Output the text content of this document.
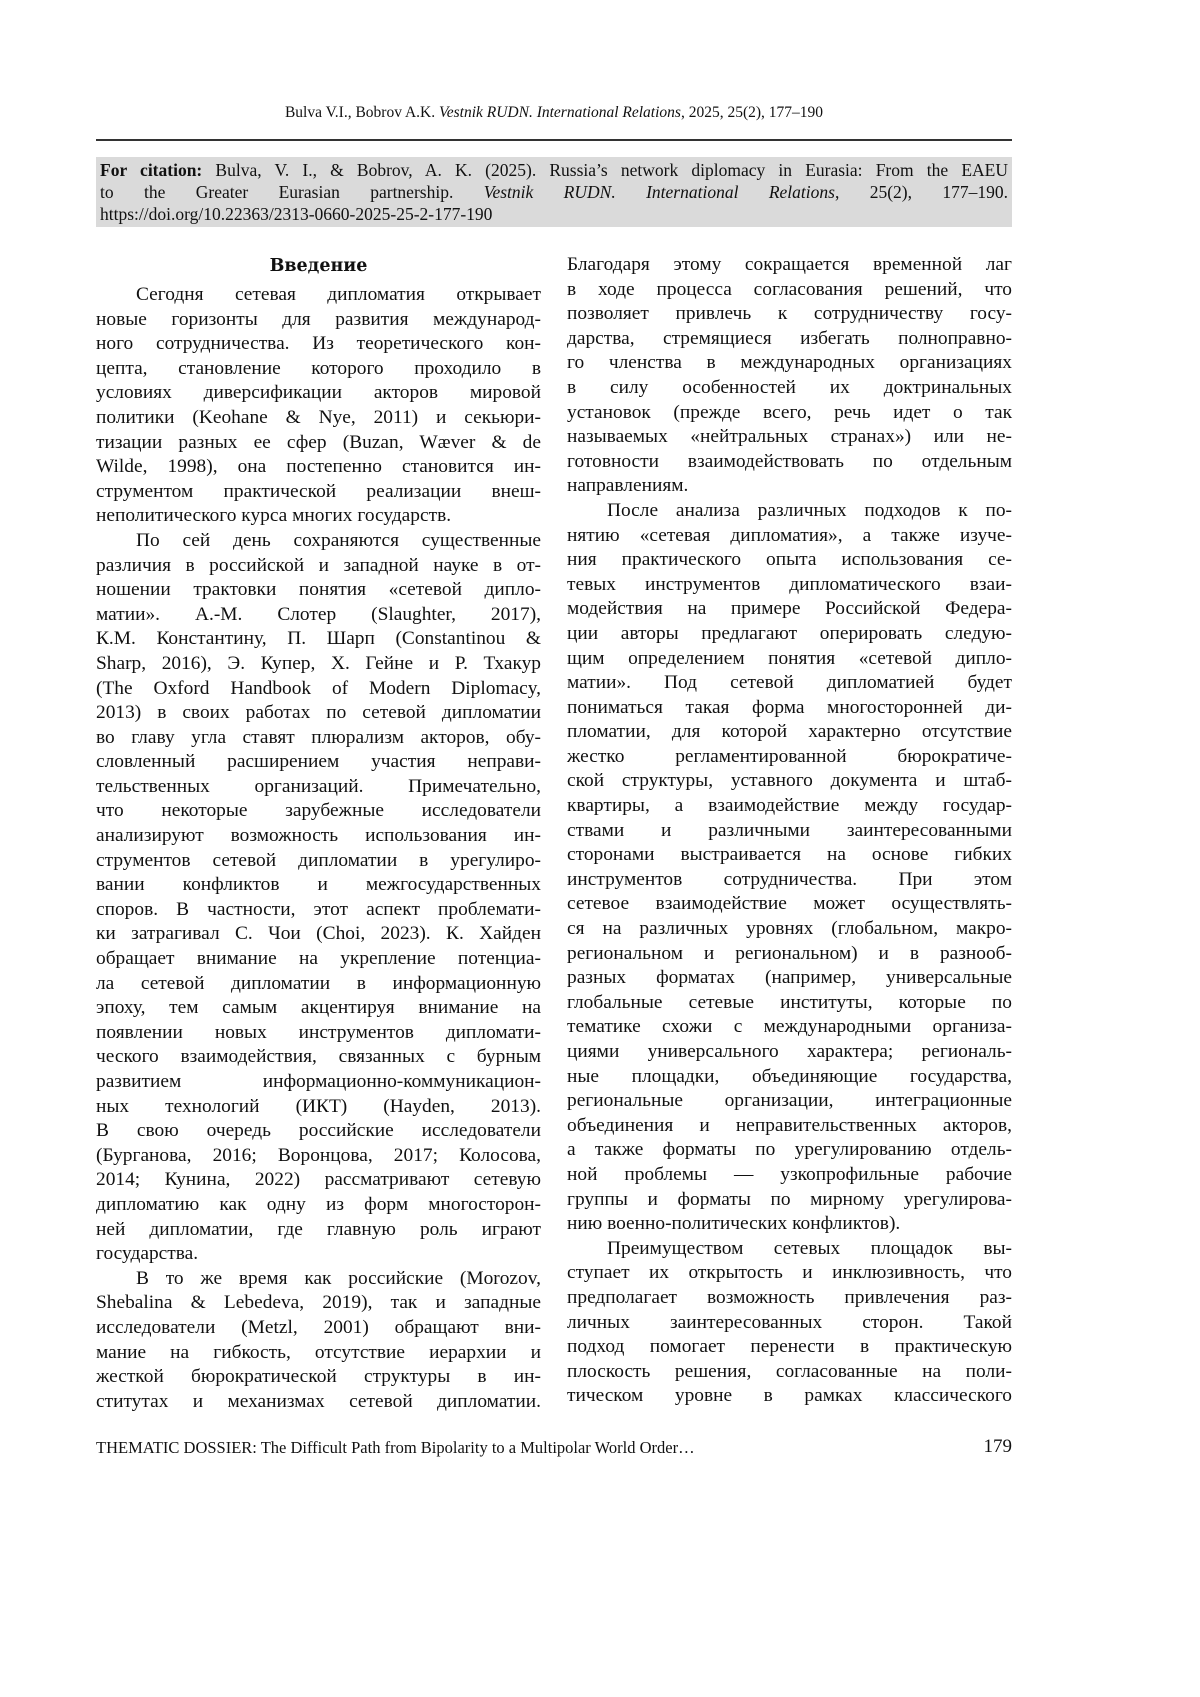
Bulva V.I., Bobrov A.K. Vestnik RUDN. International Relations, 2025, 25(2), 177–190
For citation: Bulva, V. I., & Bobrov, A. K. (2025). Russia’s network diplomacy in Eurasia: From the EAEU
to the Greater Eurasian partnership. Vestnik RUDN. International Relations, 25(2), 177–190.
https://doi.org/10.22363/2313-0660-2025-25-2-177-190
Введение
Сегодня сетевая дипломатия открывает
новые горизонты для развития международ-
ного сотрудничества. Из теоретического кон-
цепта, становление которого проходило в
условиях диверсификации акторов мировой
политики (Keohane & Nye, 2011) и секьюри-
тизации разных ее сфер (Buzan, Wæver & de
Wilde, 1998), она постепенно становится ин-
струментом практической реализации внеш-
неполитического курса многих государств.
По сей день сохраняются существенные
различия в российской и западной науке в от-
ношении трактовки понятия «сетевой дипло-
матии». А.-М. Слотер (Slaughter, 2017),
К.М. Константину, П. Шарп (Constantinou &
Sharp, 2016), Э. Купер, Х. Гейне и Р. Тхакур
(The Oxford Handbook of Modern Diplomacy,
2013) в своих работах по сетевой дипломатии
во главу угла ставят плюрализм акторов, обу-
словленный расширением участия неправи-
тельственных организаций. Примечательно,
что некоторые зарубежные исследователи
анализируют возможность использования ин-
струментов сетевой дипломатии в урегулиро-
вании конфликтов и межгосударственных
споров. В частности, этот аспект проблемати-
ки затрагивал С. Чои (Choi, 2023). К. Хайден
обращает внимание на укрепление потенциа-
ла сетевой дипломатии в информационную
эпоху, тем самым акцентируя внимание на
появлении новых инструментов дипломати-
ческого взаимодействия, связанных с бурным
развитием информационно-коммуникацион-
ных технологий (ИКТ) (Hayden, 2013).
В свою очередь российские исследователи
(Бурганова, 2016; Воронцова, 2017; Колосова,
2014; Кунина, 2022) рассматривают сетевую
дипломатию как одну из форм многосторон-
ней дипломатии, где главную роль играют
государства.
В то же время как российские (Morozov,
Shebalina & Lebedeva, 2019), так и западные
исследователи (Metzl, 2001) обращают вни-
мание на гибкость, отсутствие иерархии и
жесткой бюрократической структуры в ин-
ститутах и механизмах сетевой дипломатии.
Благодаря этому сокращается временной лаг
в ходе процесса согласования решений, что
позволяет привлечь к сотрудничеству госу-
дарства, стремящиеся избегать полноправно-
го членства в международных организациях
в силу особенностей их доктринальных
установок (прежде всего, речь идет о так
называемых «нейтральных странах») или не-
готовности взаимодействовать по отдельным
направлениям.
После анализа различных подходов к по-
нятию «сетевая дипломатия», а также изуче-
ния практического опыта использования се-
тевых инструментов дипломатического взаи-
модействия на примере Российской Федера-
ции авторы предлагают оперировать следую-
щим определением понятия «сетевой дипло-
матии». Под сетевой дипломатией будет
пониматься такая форма многосторонней ди-
пломатии, для которой характерно отсутствие
жестко регламентированной бюрократиче-
ской структуры, уставного документа и штаб-
квартиры, а взаимодействие между государ-
ствами и различными заинтересованными
сторонами выстраивается на основе гибких
инструментов сотрудничества. При этом
сетевое взаимодействие может осуществлять-
ся на различных уровнях (глобальном, макро-
региональном и региональном) и в разнооб-
разных форматах (например, универсальные
глобальные сетевые институты, которые по
тематике схожи с международными организа-
циями универсального характера; региональ-
ные площадки, объединяющие государства,
региональные организации, интеграционные
объединения и неправительственных акторов,
а также форматы по урегулированию отдель-
ной проблемы — узкопрофильные рабочие
группы и форматы по мирному урегулирова-
нию военно-политических конфликтов).
Преимуществом сетевых площадок вы-
ступает их открытость и инклюзивность, что
предполагает возможность привлечения раз-
личных заинтересованных сторон. Такой
подход помогает перенести в практическую
плоскость решения, согласованные на поли-
тическом уровне в рамках классического
THEMATIC DOSSIER: The Difficult Path from Bipolarity to a Multipolar World Order…	179
